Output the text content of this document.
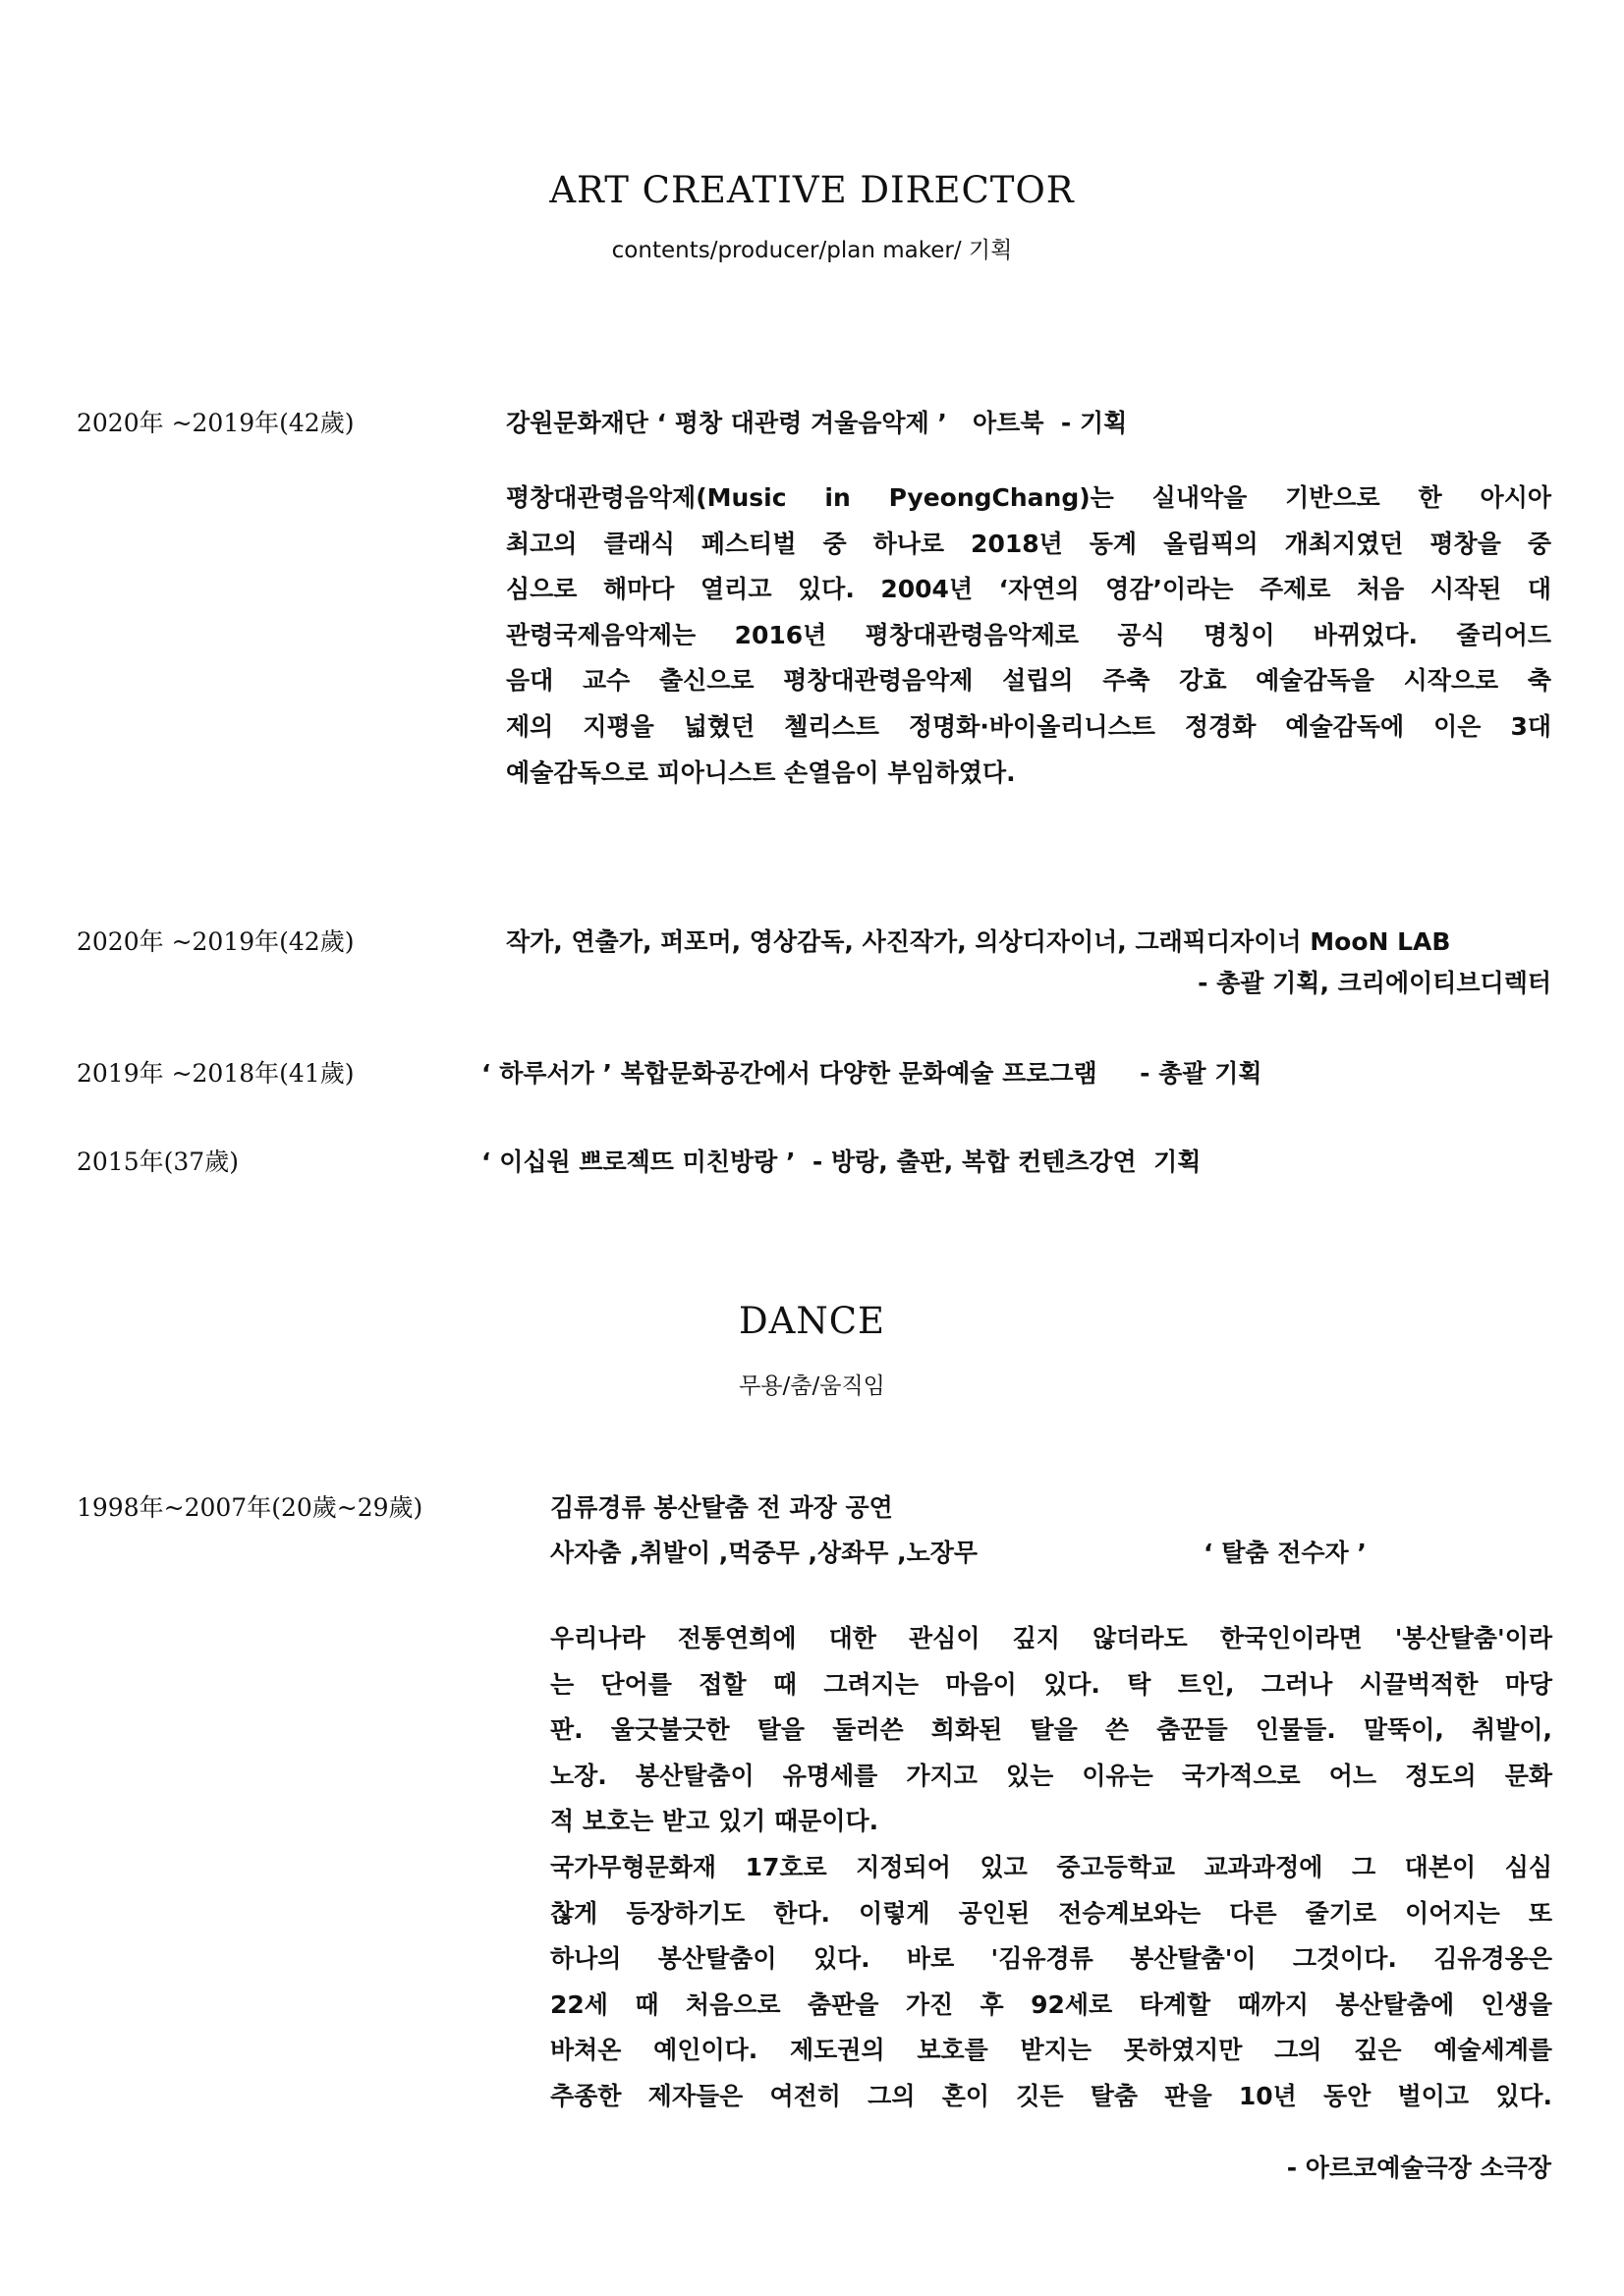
ART CREATIVE DIRECTOR
contents/producer/plan maker/ 기획
2020年 ~2019年(42歲)	강원문화재단 ‘ 평창 대관령 겨울음악제 ’   아트북  - 기획
평창대관령음악제(Music in PyeongChang)는 실내악을 기반으로 한 아시아
최고의 클래식 페스티벌 중 하나로 2018년 동계 올림픽의 개최지였던 평창을 중
심으로 해마다 열리고 있다. 2004년 ‘자연의 영감’이라는 주제로 처음 시작된 대
관령국제음악제는 2016년 평창대관령음악제로 공식 명칭이 바뀌었다. 줄리어드
음대 교수 출신으로 평창대관령음악제 설립의 주축 강효 예술감독을 시작으로 축
제의 지평을 넓혔던 첼리스트 정명화·바이올리니스트 정경화 예술감독에 이은 3대
예술감독으로 피아니스트 손열음이 부임하였다.
2020年 ~2019年(42歲)	작가, 연출가, 퍼포머, 영상감독, 사진작가, 의상디자이너, 그래픽디자이너 MooN LAB
- 총괄 기획, 크리에이티브디렉터
2019年 ~2018年(41歲)	‘ 하루서가 ’ 복합문화공간에서 다양한 문화예술 프로그램     - 총괄 기획
2015年(37歲)	‘ 이십원 쁘로젝뜨 미친방랑 ’  - 방랑, 출판, 복합 컨텐츠강연  기획
DANCE
무용/춤/움직임
1998年~2007年(20歲~29歲)	김류경류 봉산탈춤 전 과장 공연
사자춤 ,취발이 ,먹중무 ,상좌무 ,노장무	‘ 탈춤 전수자 ’
우리나라 전통연희에 대한 관심이 깊지 않더라도 한국인이라면 '봉산탈춤'이라
는 단어를 접할 때 그려지는 마음이 있다. 탁 트인, 그러나 시끌벅적한 마당
판. 울긋불긋한 탈을 둘러쓴 희화된 탈을 쓴 춤꾼들 인물들. 말뚝이, 취발이,
노장. 봉산탈춤이 유명세를 가지고 있는 이유는 국가적으로 어느 정도의 문화
적 보호는 받고 있기 때문이다.
국가무형문화재 17호로 지정되어 있고 중고등학교 교과과정에 그 대본이 심심
찮게 등장하기도 한다. 이렇게 공인된 전승계보와는 다른 줄기로 이어지는 또
하나의 봉산탈춤이 있다. 바로 '김유경류 봉산탈춤'이 그것이다. 김유경옹은
22세 때 처음으로 춤판을 가진 후 92세로 타계할 때까지 봉산탈춤에 인생을
바쳐온 예인이다. 제도권의 보호를 받지는 못하였지만 그의 깊은 예술세계를
추종한 제자들은 여전히 그의 혼이 깃든 탈춤 판을 10년 동안 벌이고 있다.
- 아르코예술극장 소극장
